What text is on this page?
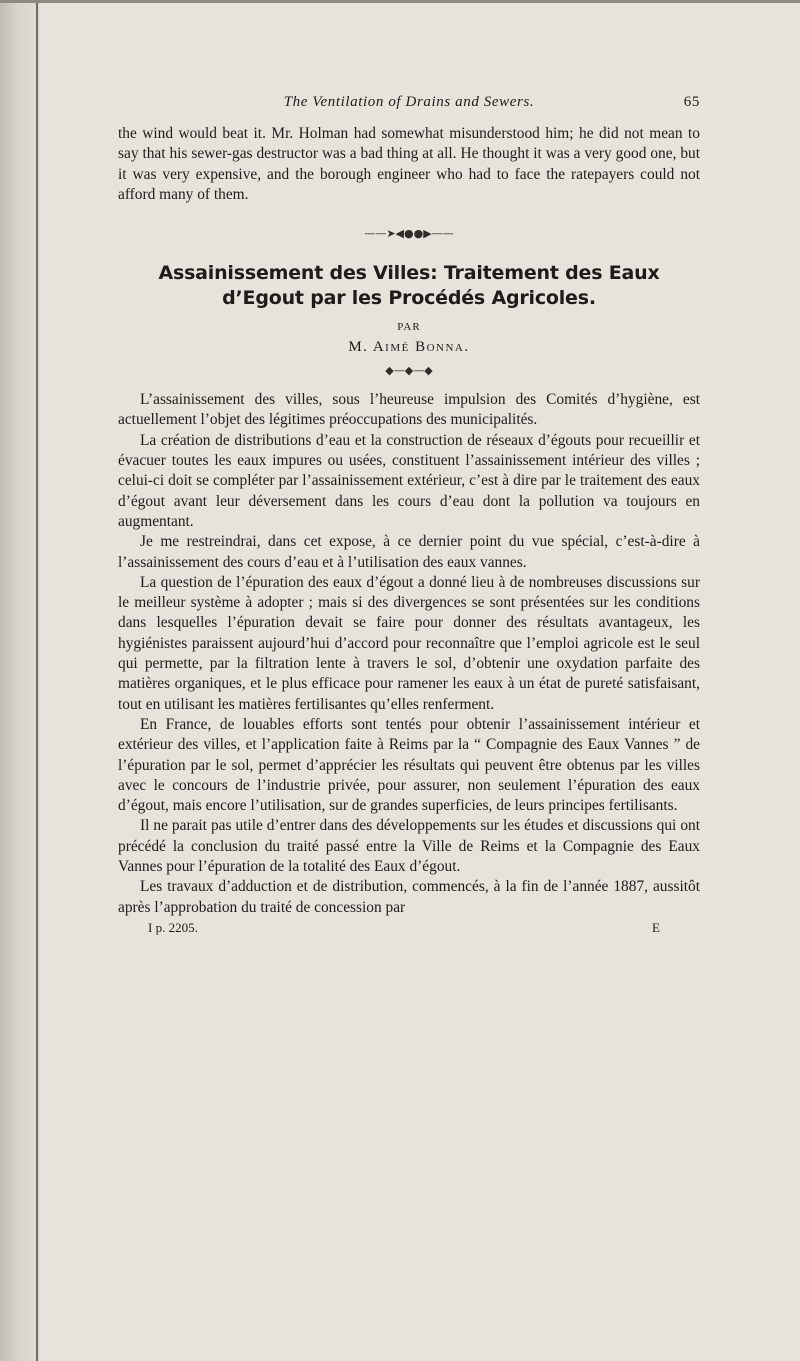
The Ventilation of Drains and Sewers.	65

the wind would beat it. Mr. Holman had somewhat misunderstood him; he did not mean to say that his sewer-gas destructor was a bad thing at all. He thought it was a very good one, but it was very expensive, and the borough engineer who had to face the ratepayers could not afford many of them.

——➤◀●●▶——
Assainissement des Villes: Traitement des Eaux d’Egout par les Procédés Agricoles.
PAR
M. Aimé Bonna.
◆—◆—◆

L’assainissement des villes, sous l’heureuse impulsion des Comités d’hygiène, est actuellement l’objet des légitimes préoccupations des municipalités.

La création de distributions d’eau et la construction de réseaux d’égouts pour recueillir et évacuer toutes les eaux impures ou usées, constituent l’assainissement intérieur des villes ; celui-ci doit se compléter par l’assainissement extérieur, c’est à dire par le traitement des eaux d’égout avant leur déversement dans les cours d’eau dont la pollution va toujours en augmentant.

Je me restreindrai, dans cet expose, à ce dernier point du vue spécial, c’est-à-dire à l’assainissement des cours d’eau et à l’utilisation des eaux vannes.

La question de l’épuration des eaux d’égout a donné lieu à de nombreuses discussions sur le meilleur système à adopter ; mais si des divergences se sont présentées sur les conditions dans lesquelles l’épuration devait se faire pour donner des résultats avantageux, les hygiénistes paraissent aujourd’hui d’accord pour reconnaître que l’emploi agricole est le seul qui permette, par la filtration lente à travers le sol, d’obtenir une oxydation parfaite des matières organiques, et le plus efficace pour ramener les eaux à un état de pureté satisfaisant, tout en utilisant les matières fertilisantes qu’elles renferment.

En France, de louables efforts sont tentés pour obtenir l’assainissement intérieur et extérieur des villes, et l’application faite à Reims par la “ Compagnie des Eaux Vannes ” de l’épuration par le sol, permet d’apprécier les résultats qui peuvent être obtenus par les villes avec le concours de l’industrie privée, pour assurer, non seulement l’épuration des eaux d’égout, mais encore l’utilisation, sur de grandes superficies, de leurs principes fertilisants.

Il ne parait pas utile d’entrer dans des développements sur les études et discussions qui ont précédé la conclusion du traité passé entre la Ville de Reims et la Compagnie des Eaux Vannes pour l’épuration de la totalité des Eaux d’égout.

Les travaux d’adduction et de distribution, commencés, à la fin de l’année 1887, aussitôt après l’approbation du traité de concession par

I p. 2205.	E
